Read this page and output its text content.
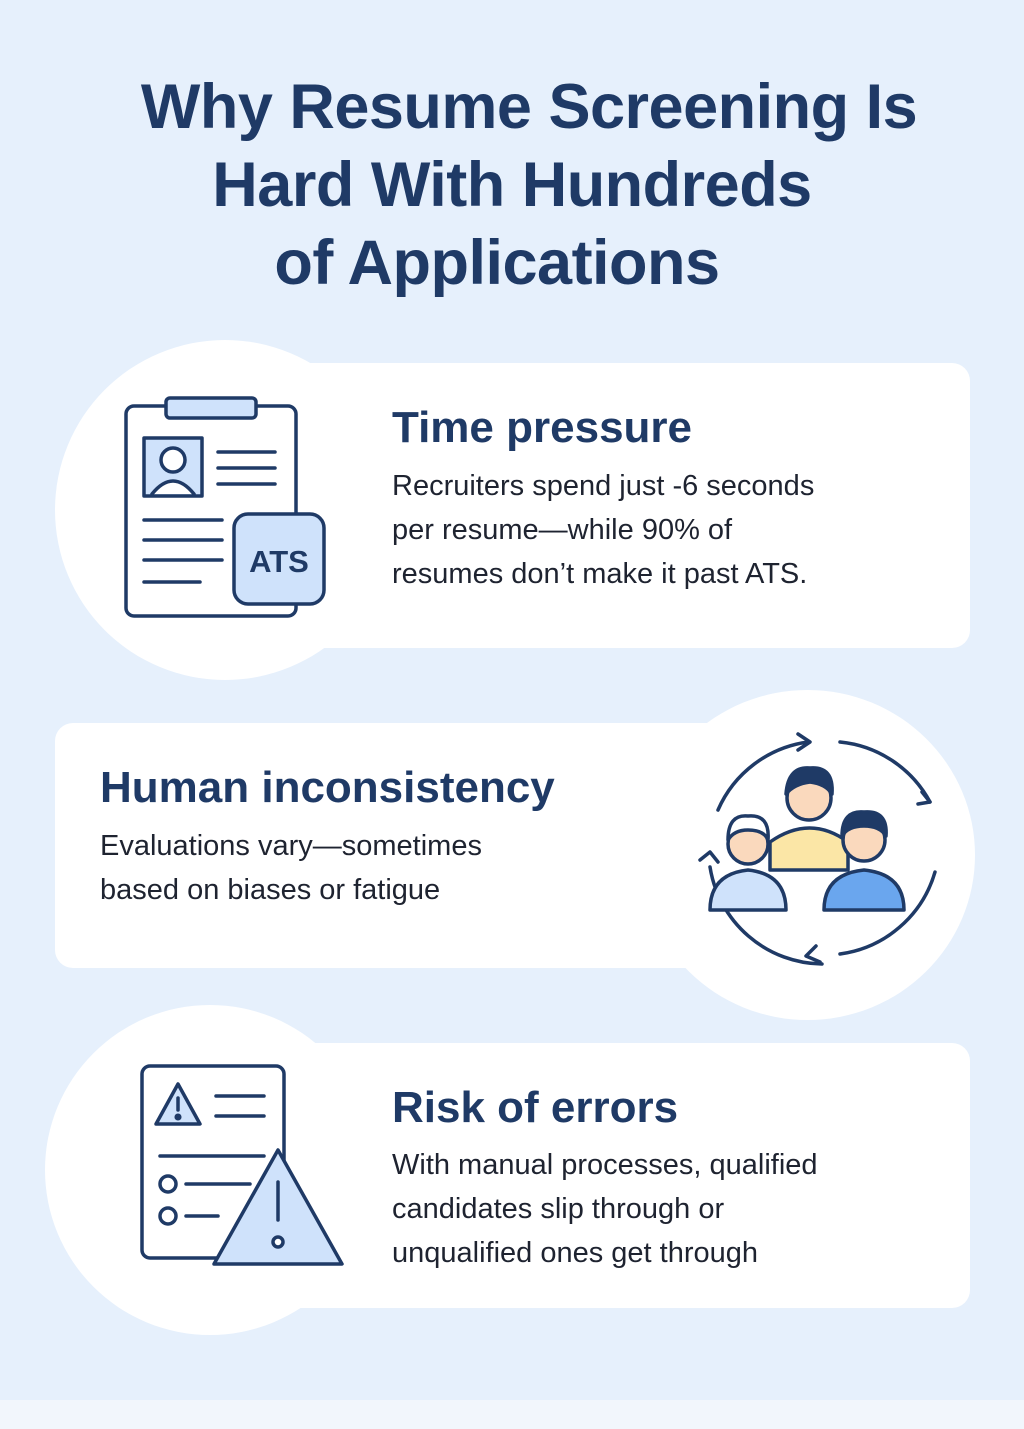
Why Resume Screening Is
Hard With Hundreds
of Applications
ATS
Time pressure

Recruiters spend just -6 seconds
per resume—while 90% of
resumes don’t make it past ATS.

Human inconsistency

Evaluations vary—sometimes
based on biases or fatigue

Risk of errors

With manual processes, qualified
candidates slip through or
unqualified ones get through
